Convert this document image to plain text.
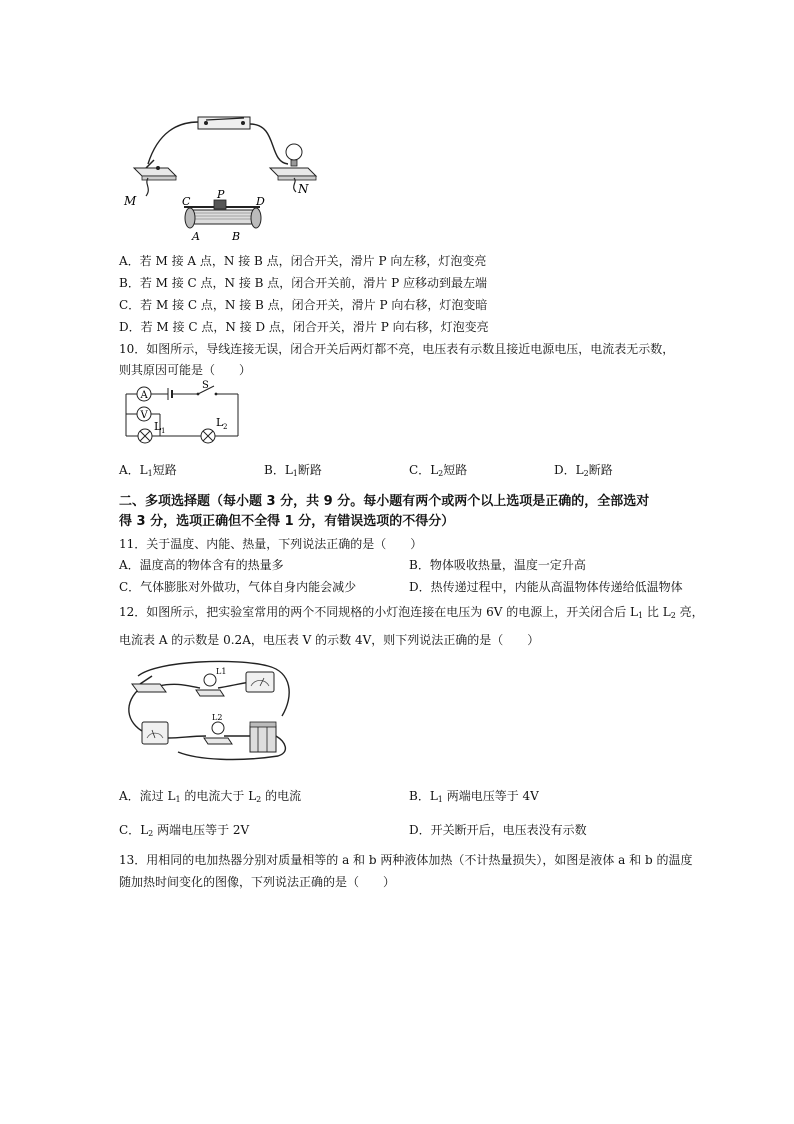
M
N
C
P
D
A	B
A．若 M 接 A 点，N 接 B 点，闭合开关，滑片 P 向左移，灯泡变亮
B．若 M 接 C 点，N 接 B 点，闭合开关前，滑片 P 应移动到最左端
C．若 M 接 C 点，N 接 B 点，闭合开关，滑片 P 向右移，灯泡变暗
D．若 M 接 C 点，N 接 D 点，闭合开关，滑片 P 向右移，灯泡变亮
10．如图所示，导线连接无误，闭合开关后两灯都不亮，电压表有示数且接近电源电压，电流表无示数，
则其原因可能是（　　）
A
S
V
L 1
L 2
A．$L_1$短路	B．$L_1$断路	C．$L_2$短路	D．$L_2$断路
二、多项选择题（每小题 3 分，共 9 分。每小题有两个或两个以上选项是正确的，全部选对
得 3 分，选项正确但不全得 1 分，有错误选项的不得分）
11．关于温度、内能、热量，下列说法正确的是（　　）
A．温度高的物体含有的热量多	B．物体吸收热量，温度一定升高
C．气体膨胀对外做功，气体自身内能会减少	D．热传递过程中，内能从高温物体传递给低温物体
12．如图所示，把实验室常用的两个不同规格的小灯泡连接在电压为 6V 的电源上，开关闭合后 $L_1$ 比 $L_2$ 亮，
电流表 A 的示数是 0.2A，电压表 V 的示数 4V，则下列说法正确的是（　　）
L1
L2
A．流过 $L_1$ 的电流大于 $L_2$ 的电流	B．$L_1$ 两端电压等于 4V
C．$L_2$ 两端电压等于 2V	D．开关断开后，电压表没有示数
13．用相同的电加热器分别对质量相等的 a 和 b 两种液体加热（不计热量损失），如图是液体 a 和 b 的温度
随加热时间变化的图像，下列说法正确的是（　　）
